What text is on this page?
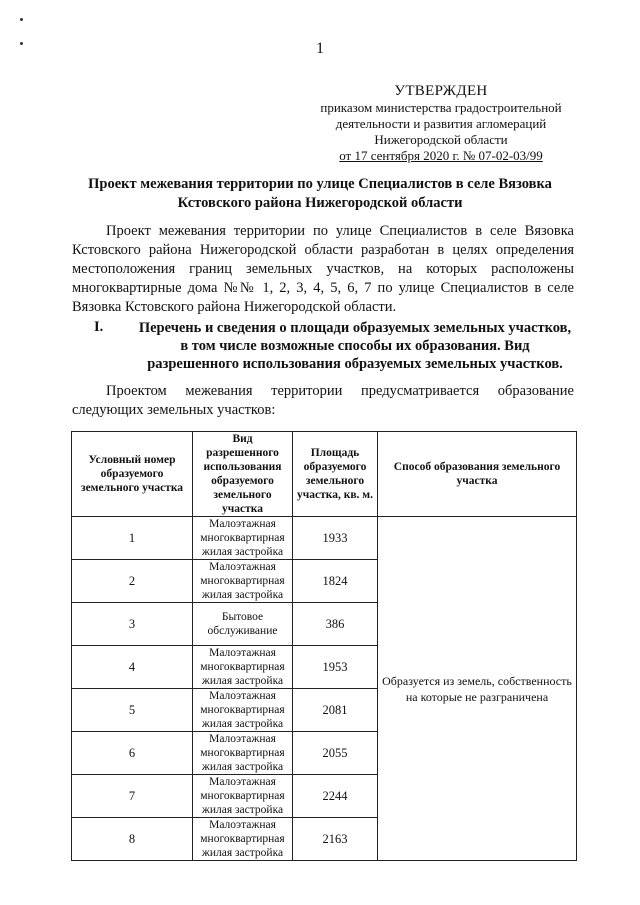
1
УТВЕРЖДЕН
приказом министерства градостроительной
деятельности и развития агломераций
Нижегородской области
от 17 сентября 2020 г. № 07-02-03/99
Проект межевания территории по улице Специалистов в селе Вязовка Кстовского района Нижегородской области
Проект межевания территории по улице Специалистов в селе Вязовка Кстовского района Нижегородской области разработан в целях определения местоположения границ земельных участков, на которых расположены многоквартирные дома №№ 1, 2, 3, 4, 5, 6, 7 по улице Специалистов в селе Вязовка Кстовского района Нижегородской области.
I.	Перечень и сведения о площади образуемых земельных участков, в том числе возможные способы их образования. Вид разрешенного использования образуемых земельных участков.
Проектом межевания территории предусматривается образование следующих земельных участков:
Условный номер образуемого земельного участка	Вид разрешенного использования образуемого земельного участка	Площадь образуемого земельного участка, кв. м.	Способ образования земельного участка
1	Малоэтажная многоквартирная жилая застройка	1933	Образуется из земель, собственность на которые не разграничена
2	Малоэтажная многоквартирная жилая застройка	1824	
3	Бытовое обслуживание	386	
4	Малоэтажная многоквартирная жилая застройка	1953	
5	Малоэтажная многоквартирная жилая застройка	2081	
6	Малоэтажная многоквартирная жилая застройка	2055	
7	Малоэтажная многоквартирная жилая застройка	2244	
8	Малоэтажная многоквартирная жилая застройка	2163	
